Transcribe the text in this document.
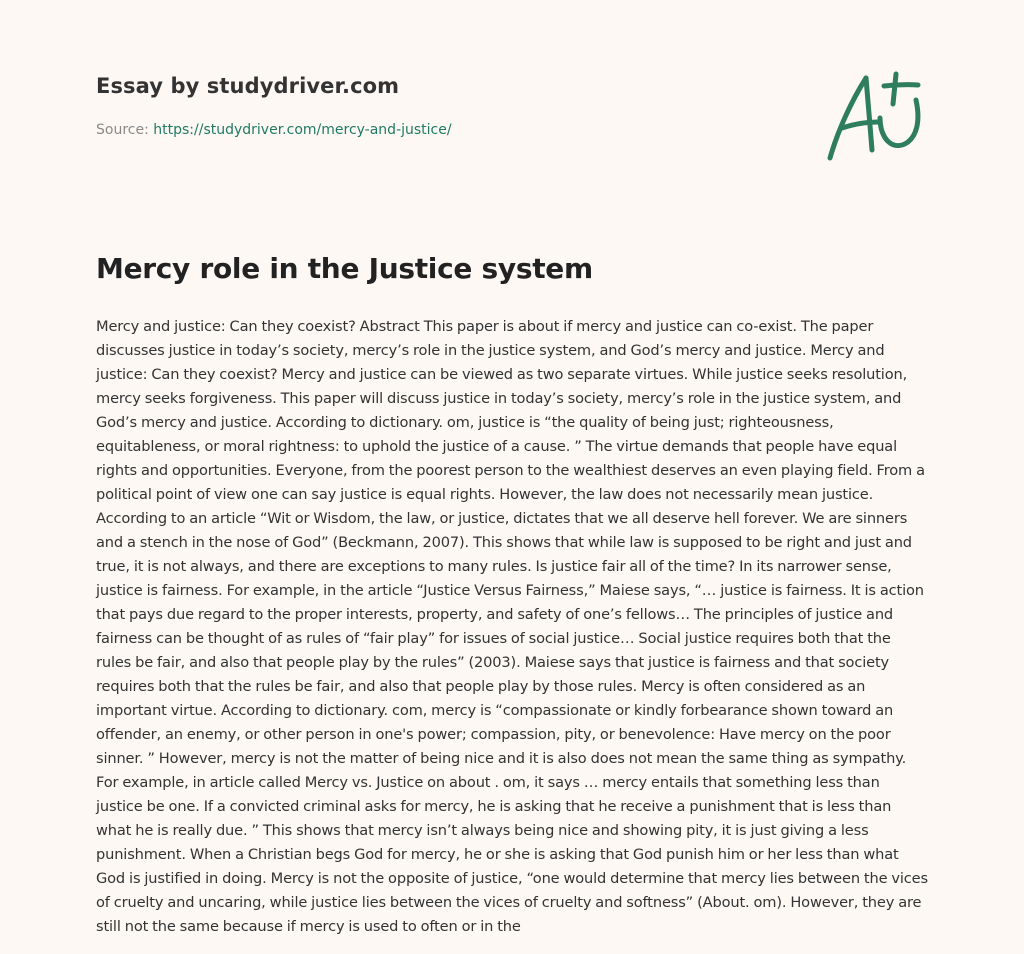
Essay by studydriver.com
Source: https://studydriver.com/mercy-and-justice/
Mercy role in the Justice system

Mercy and justice: Can they coexist? Abstract This paper is about if mercy and justice can co-exist. The paper discusses justice in today’s society, mercy’s role in the justice system, and God’s mercy and justice. Mercy and justice: Can they coexist? Mercy and justice can be viewed as two separate virtues. While justice seeks resolution, mercy seeks forgiveness. This paper will discuss justice in today’s society, mercy’s role in the justice system, and God’s mercy and justice. According to dictionary. om, justice is “the quality of being just; righteousness, equitableness, or moral rightness: to uphold the justice of a cause. ” The virtue demands that people have equal rights and opportunities. Everyone, from the poorest person to the wealthiest deserves an even playing field. From a political point of view one can say justice is equal rights. However, the law does not necessarily mean justice. According to an article “Wit or Wisdom, the law, or justice, dictates that we all deserve hell forever. We are sinners and a stench in the nose of God” (Beckmann, 2007). This shows that while law is supposed to be right and just and true, it is not always, and there are exceptions to many rules. Is justice fair all of the time? In its narrower sense, justice is fairness. For example, in the article “Justice Versus Fairness,” Maiese says, “… justice is fairness. It is action that pays due regard to the proper interests, property, and safety of one’s fellows… The principles of justice and fairness can be thought of as rules of “fair play” for issues of social justice… Social justice requires both that the rules be fair, and also that people play by the rules” (2003). Maiese says that justice is fairness and that society requires both that the rules be fair, and also that people play by those rules. Mercy is often considered as an important virtue. According to dictionary. com, mercy is “compassionate or kindly forbearance shown toward an offender, an enemy, or other person in one's power; compassion, pity, or benevolence: Have mercy on the poor sinner. ” However, mercy is not the matter of being nice and it is also does not mean the same thing as sympathy. For example, in article called Mercy vs. Justice on about . om, it says … mercy entails that something less than justice be one. If a convicted criminal asks for mercy, he is asking that he receive a punishment that is less than what he is really due. ” This shows that mercy isn’t always being nice and showing pity, it is just giving a less punishment. When a Christian begs God for mercy, he or she is asking that God punish him or her less than what God is justified in doing. Mercy is not the opposite of justice, “one would determine that mercy lies between the vices of cruelty and uncaring, while justice lies between the vices of cruelty and softness” (About. om). However, they are still not the same because if mercy is used to often or in the
